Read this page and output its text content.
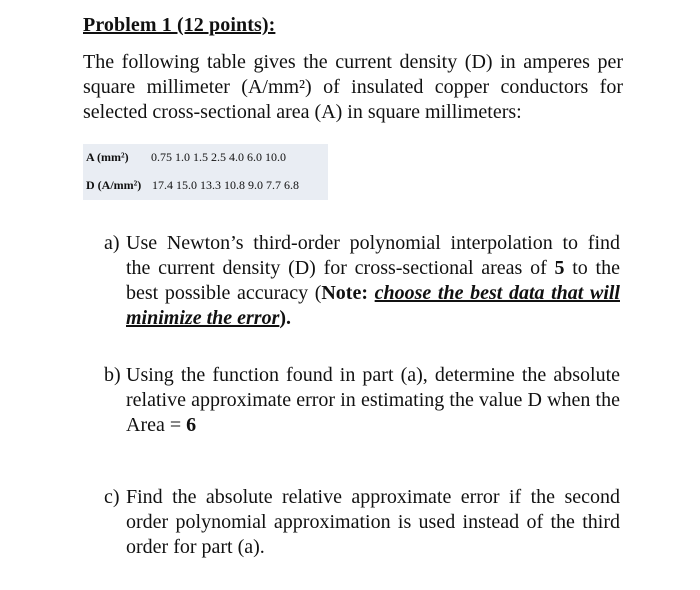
Problem 1 (12 points):
The following table gives the current density (D) in amperes per square millimeter (A/mm²) of insulated copper conductors for selected cross-sectional area (A) in square millimeters:
A (mm²) 0.75 1.0 1.5 2.5 4.0 6.0 10.0
D (A/mm²) 17.4 15.0 13.3 10.8 9.0 7.7 6.8
a) Use Newton’s third-order polynomial interpolation to find the current density (D) for cross-sectional areas of 5 to the best possible accuracy (Note: choose the best data that will minimize the error).
b) Using the function found in part (a), determine the absolute relative approximate error in estimating the value D when the Area = 6
c) Find the absolute relative approximate error if the second order polynomial approximation is used instead of the third order for part (a).
